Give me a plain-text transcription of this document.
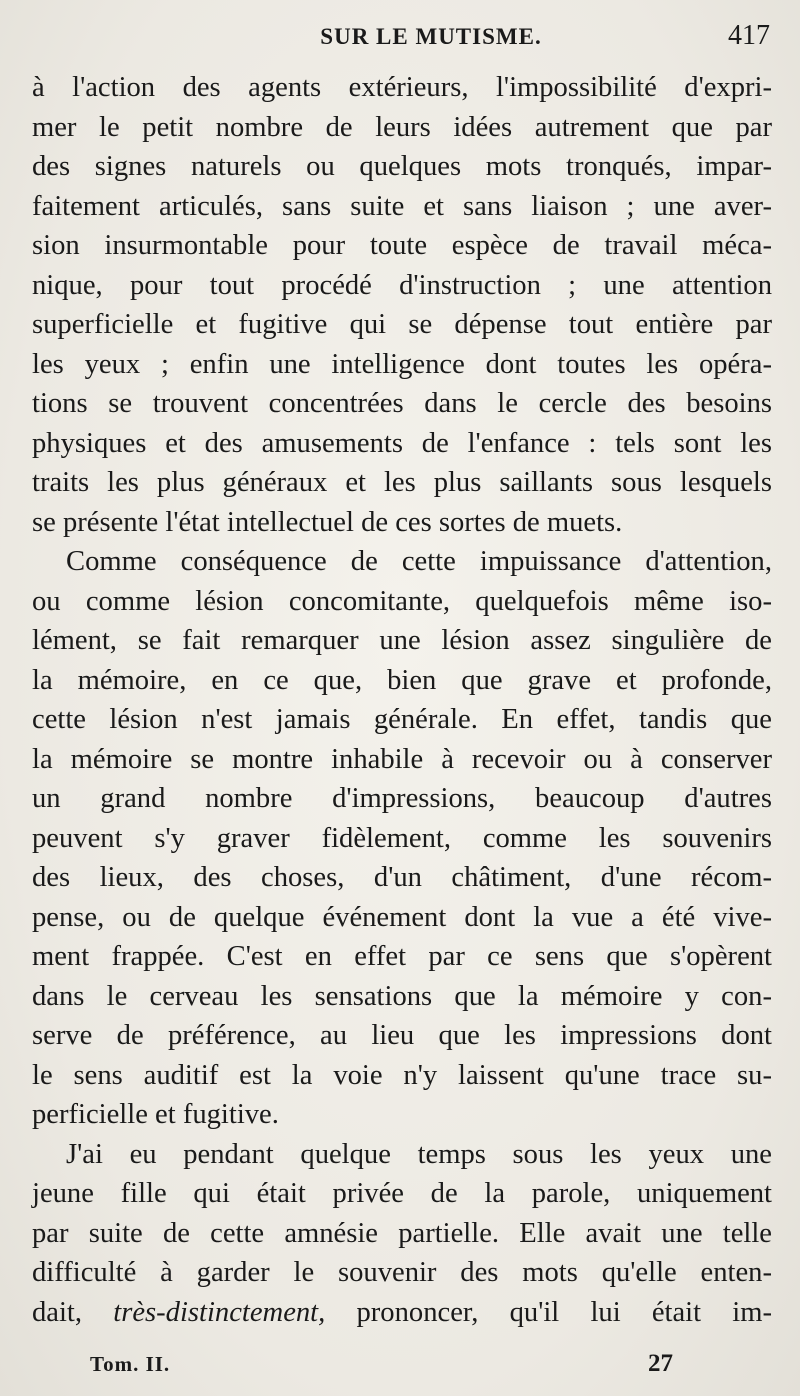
SUR LE MUTISME.	417
à l'action des agents extérieurs, l'impossibilité d'expri-
mer le petit nombre de leurs idées autrement que par
des signes naturels ou quelques mots tronqués, impar-
faitement articulés, sans suite et sans liaison ; une aver-
sion insurmontable pour toute espèce de travail méca-
nique, pour tout procédé d'instruction ; une attention
superficielle et fugitive qui se dépense tout entière par
les yeux ; enfin une intelligence dont toutes les opéra-
tions se trouvent concentrées dans le cercle des besoins
physiques et des amusements de l'enfance : tels sont les
traits les plus généraux et les plus saillants sous lesquels
se présente l'état intellectuel de ces sortes de muets.
Comme conséquence de cette impuissance d'attention,
ou comme lésion concomitante, quelquefois même iso-
lément, se fait remarquer une lésion assez singulière de
la mémoire, en ce que, bien que grave et profonde,
cette lésion n'est jamais générale. En effet, tandis que
la mémoire se montre inhabile à recevoir ou à conserver
un grand nombre d'impressions, beaucoup d'autres
peuvent s'y graver fidèlement, comme les souvenirs
des lieux, des choses, d'un châtiment, d'une récom-
pense, ou de quelque événement dont la vue a été vive-
ment frappée. C'est en effet par ce sens que s'opèrent
dans le cerveau les sensations que la mémoire y con-
serve de préférence, au lieu que les impressions dont
le sens auditif est la voie n'y laissent qu'une trace su-
perficielle et fugitive.
J'ai eu pendant quelque temps sous les yeux une
jeune fille qui était privée de la parole, uniquement
par suite de cette amnésie partielle. Elle avait une telle
difficulté à garder le souvenir des mots qu'elle enten-
dait, très-distinctement, prononcer, qu'il lui était im-
Tom. II.	27
